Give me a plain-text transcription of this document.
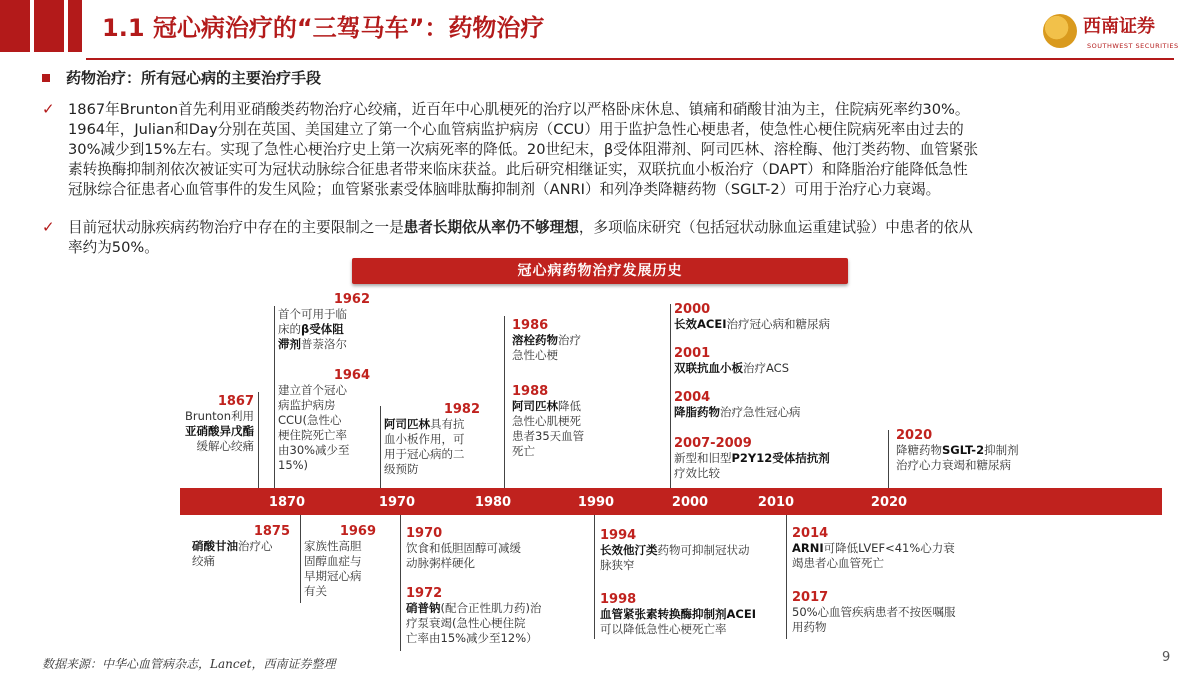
1.1 冠心病治疗的“三驾马车”：药物治疗	西南证券
SOUTHWEST SECURITIES
药物治疗：所有冠心病的主要治疗手段
✓ 1867年Brunton首先利用亚硝酸类药物治疗心绞痛，近百年中心肌梗死的治疗以严格卧床休息、镇痛和硝酸甘油为主，住院病死率约30%。
1964年，Julian和Day分别在英国、美国建立了第一个心血管病监护病房（CCU）用于监护急性心梗患者，使急性心梗住院病死率由过去的
30%减少到15%左右。实现了急性心梗治疗史上第一次病死率的降低。20世纪末，β受体阻滞剂、阿司匹林、溶栓酶、他汀类药物、血管紧张
素转换酶抑制剂依次被证实可为冠状动脉综合征患者带来临床获益。此后研究相继证实，双联抗血小板治疗（DAPT）和降脂治疗能降低急性
冠脉综合征患者心血管事件的发生风险；血管紧张素受体脑啡肽酶抑制剂（ANRI）和列净类降糖药物（SGLT-2）可用于治疗心力衰竭。
✓ 目前冠状动脉疾病药物治疗中存在的主要限制之一是患者长期依从率仍不够理想，多项临床研究（包括冠状动脉血运重建试验）中患者的依从
率约为50%。
冠心病药物治疗发展历史
1870	1970	1980	1990	2000	2010	2020
1867
Brunton利用
亚硝酸异戊酯
缓解心绞痛
1962
首个可用于临
床的β受体阻
滞剂普萘洛尔
1964
建立首个冠心
病监护病房
CCU(急性心
梗住院死亡率
由30%减少至
15%)
1982
阿司匹林具有抗
血小板作用，可
用于冠心病的二
级预防
1986
溶栓药物治疗
急性心梗
1988
阿司匹林降低
急性心肌梗死
患者35天血管
死亡
2000
长效ACEI治疗冠心病和糖尿病
2001
双联抗血小板治疗ACS
2004
降脂药物治疗急性冠心病
2007-2009
新型和旧型P2Y12受体拮抗剂
疗效比较
2020
降糖药物SGLT-2抑制剂
治疗心力衰竭和糖尿病
1875
硝酸甘油治疗心
绞痛
1969
家族性高胆
固醇血症与
早期冠心病
有关
1970
饮食和低胆固醇可减缓
动脉粥样硬化
1972
硝普钠(配合正性肌力药)治
疗泵衰竭(急性心梗住院
亡率由15%减少至12%）
1994
长效他汀类药物可抑制冠状动
脉狭窄
1998
血管紧张素转换酶抑制剂ACEI
可以降低急性心梗死亡率
2014
ARNI可降低LVEF<41%心力衰
竭患者心血管死亡
2017
50%心血管疾病患者不按医嘱服
用药物
数据来源：中华心血管病杂志，Lancet，西南证券整理	9
